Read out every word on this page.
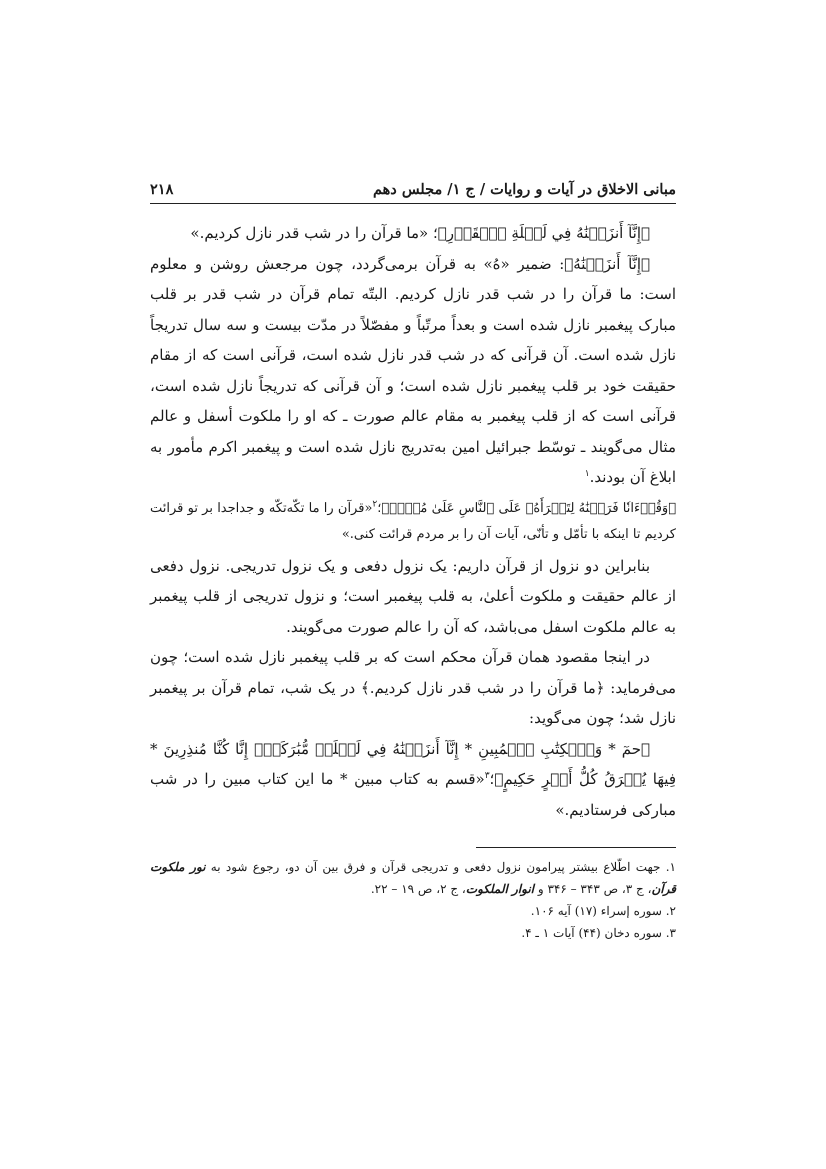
مبانی الاخلاق در آیات و روایات / ج ۱/ مجلس دهم
۲۱۸

﴿إِنَّآ أَنزَلۡنَٰهُ فِي لَيۡلَةِ ٱلۡقَدۡرِ﴾؛ «ما قرآن را در شب قدر نازل كرديم.»

﴿إِنَّآ أَنزَلۡنَٰهُ﴾: ضمير «هُ» به قرآن برمی‌گردد، چون مرجعش روشن و معلوم است: ما قرآن را در شب قدر نازل كرديم. البتّه تمام قرآن در شب قدر بر قلب مبارک پيغمبر نازل شده است و بعداً مرتّباً و مفصّلاً در مدّت بيست و سه سال تدريجاً نازل شده است. آن قرآنی كه در شب قدر نازل شده است، قرآنی است كه از مقام حقيقت خود بر قلب پيغمبر نازل شده است؛ و آن قرآنی كه تدريجاً نازل شده است، قرآنی است كه از قلب پيغمبر به مقام عالم صورت ـ كه او را ملكوت أسفل و عالم مثال می‌گويند ـ توسّط جبرائيل امين به‌تدريج نازل شده است و پيغمبر اكرم مأمور به ابلاغ آن بودند.$^۱$

﴿وَقُرۡءَانٗا فَرَقۡنَٰهُ لِتَقۡرَأَهُۥ عَلَى ٱلنَّاسِ عَلَىٰ مُكۡثٖ﴾؛$^۲$«قرآن را ما تكّه‌تكّه و جداجدا بر تو قرائت كرديم تا اينكه با تأمّل و تأنّی، آيات آن را بر مردم قرائت كنی.»

بنابراين دو نزول از قرآن داريم: يک نزول دفعی و يک نزول تدريجی. نزول دفعی از عالم حقيقت و ملكوت أعلیٰ، به قلب پيغمبر است؛ و نزول تدريجی از قلب پيغمبر به عالم ملكوت اسفل می‌باشد، كه آن را عالم صورت می‌گويند.

در اينجا مقصود همان قرآن محكم است كه بر قلب پيغمبر نازل شده است؛ چون می‌فرمايد: ﴿ما قرآن را در شب قدر نازل كرديم.﴾ در يک شب، تمام قرآن بر پيغمبر نازل شد؛ چون می‌گويد:

﴿حمٓ * وَٱلۡكِتَٰبِ ٱلۡمُبِينِ * إِنَّآ أَنزَلۡنَٰهُ فِي لَيۡلَةٖ مُّبَٰرَكَةٍۚ إِنَّا كُنَّا مُنذِرِينَ * فِيهَا يُفۡرَقُ كُلُّ أَمۡرٍ حَكِيمٍ﴾؛$^۳$«قسم به كتاب مبين * ما اين كتاب مبين را در شب مباركی فرستاديم.»

۱. جهت اطّلاع بيشتر پيرامون نزول دفعی و تدريجی قرآن و فرق بين آن دو، رجوع شود به نور ملكوت قرآن، ج ۳، ص ۳۴۳ – ۳۴۶ و انوار الملكوت، ج ۲، ص ۱۹ – ۲۲.

۲. سوره إسراء (۱۷) آيه ۱۰۶.

۳. سوره دخان (۴۴) آيات ۱ ـ ۴.
